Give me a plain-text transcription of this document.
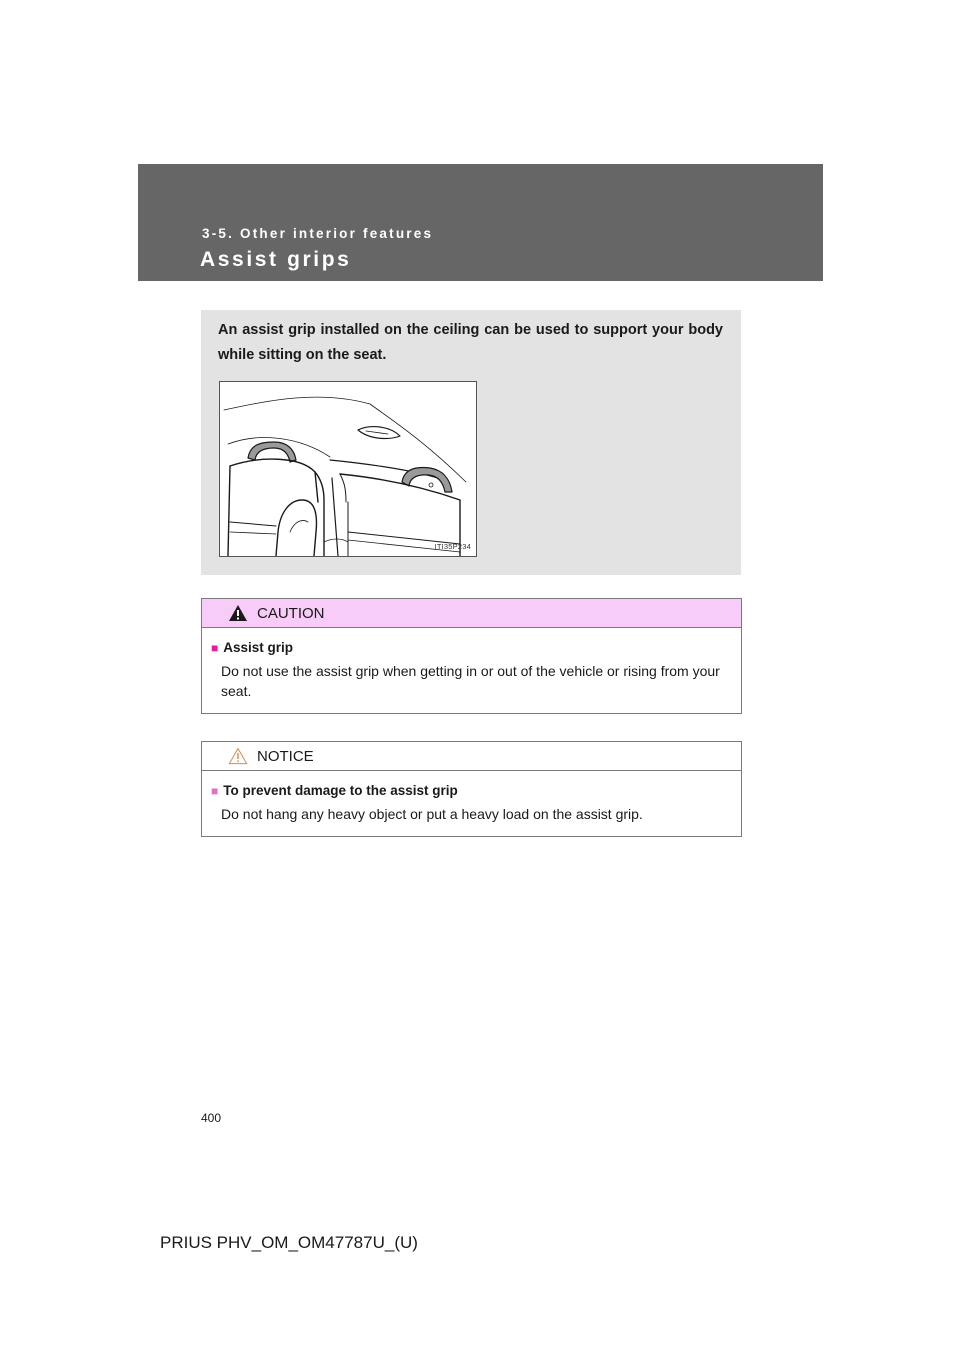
3-5. Other interior features
Assist grips

An assist grip installed on the ceiling can be used to support your body while sitting on the seat.

ITI35P234
CAUTION

■ Assist grip

Do not use the assist grip when getting in or out of the vehicle or rising from your seat.

NOTICE

■ To prevent damage to the assist grip

Do not hang any heavy object or put a heavy load on the assist grip.

400
PRIUS PHV_OM_OM47787U_(U)
